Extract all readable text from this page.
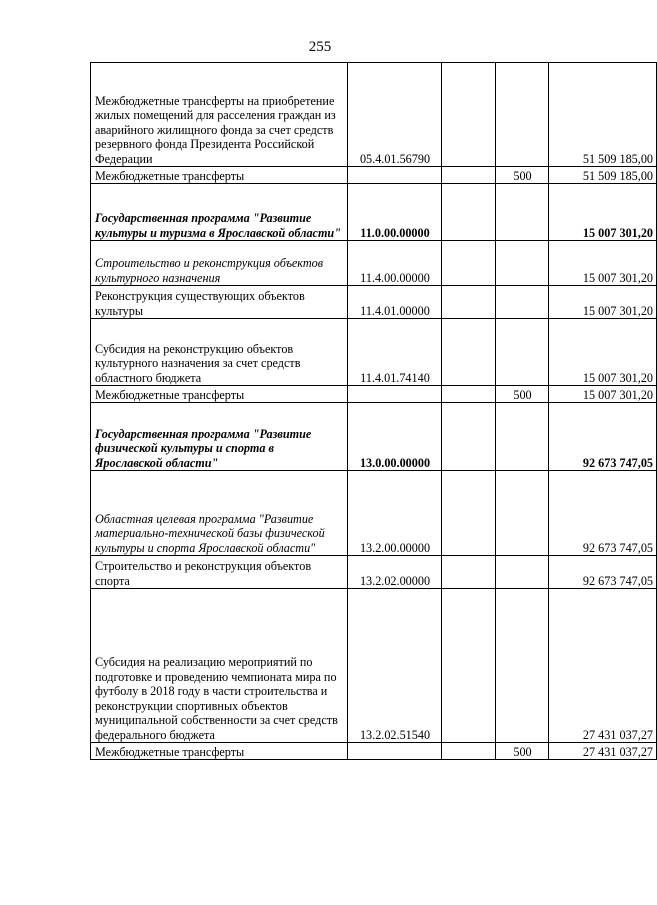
255
Межбюджетные трансферты на приобретение жилых помещений для расселения граждан из аварийного жилищного фонда за счет средств резервного фонда Президента Российской Федерации	05.4.01.56790			51 509 185,00
Межбюджетные трансферты			500	51 509 185,00
Государственная программа "Развитие культуры и туризма в Ярославской области"	11.0.00.00000			15 007 301,20
Строительство и реконструкция объектов культурного назначения	11.4.00.00000			15 007 301,20
Реконструкция существующих объектов культуры	11.4.01.00000			15 007 301,20
Субсидия на реконструкцию объектов культурного назначения за счет средств областного бюджета	11.4.01.74140			15 007 301,20
Межбюджетные трансферты			500	15 007 301,20
Государственная программа "Развитие физической культуры и спорта в Ярославской области"	13.0.00.00000			92 673 747,05
Областная целевая программа "Развитие материально-технической базы физической культуры и спорта Ярославской области"	13.2.00.00000			92 673 747,05
Строительство и реконструкция объектов спорта	13.2.02.00000			92 673 747,05
Субсидия на реализацию мероприятий по подготовке и проведению чемпионата мира по футболу в 2018 году в части строительства и реконструкции спортивных объектов муниципальной собственности за счет средств федерального бюджета	13.2.02.51540			27 431 037,27
Межбюджетные трансферты			500	27 431 037,27
